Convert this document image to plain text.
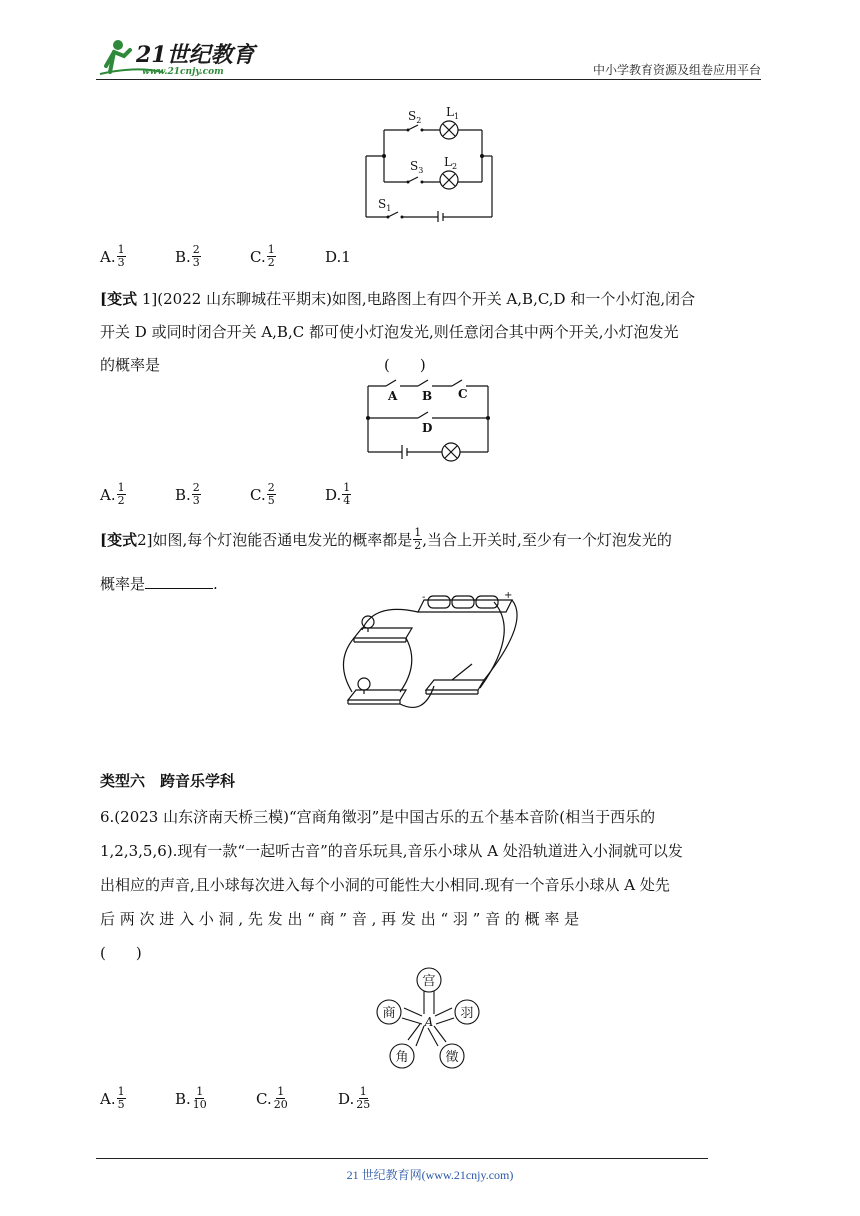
21世纪教育
www.21cnjy.com	中小学教育资源及组卷应用平台
$S_2$
$L_1$
$S_3$
$L_2$
$S_1$
A. $\frac{1}{3}$	B. $\frac{2}{3}$	C. $\frac{1}{2}$	D.1
[变式 1](2022 山东聊城茌平期末)如图,电路图上有四个开关 A,B,C,D 和一个小灯泡,闭合
开关 D 或同时闭合开关 A,B,C 都可使小灯泡发光,则任意闭合其中两个开关,小灯泡发光
的概率是	(　　)
A B C
D
A. $\frac{1}{2}$	B. $\frac{2}{3}$	C. $\frac{2}{5}$	D. $\frac{1}{4}$
[变式 2]如图,每个灯泡能否通电发光的概率都是 $\frac{1}{2}$ ,当合上开关时,至少有一个灯泡发光的
概率是	.
-	+
类型六　跨音乐学科
6.(2023 山东济南天桥三模)“宫商角徵羽”是中国古乐的五个基本音阶(相当于西乐的
1,2,3,5,6).现有一款“一起听古音”的音乐玩具,音乐小球从 A 处沿轨道进入小洞就可以发
出相应的声音,且小球每次进入每个小洞的可能性大小相同.现有一个音乐小球从 A 处先
后 两 次 进 入 小 洞 , 先 发 出 “ 商 ” 音 , 再 发 出 “ 羽 ” 音 的 概 率 是
(　　)
宫
羽
徵
角
商
A
A. $\frac{1}{5}$	B. $\frac{1}{10}$	C. $\frac{1}{20}$	D. $\frac{1}{25}$
21 世纪教育网(www.21cnjy.com)
